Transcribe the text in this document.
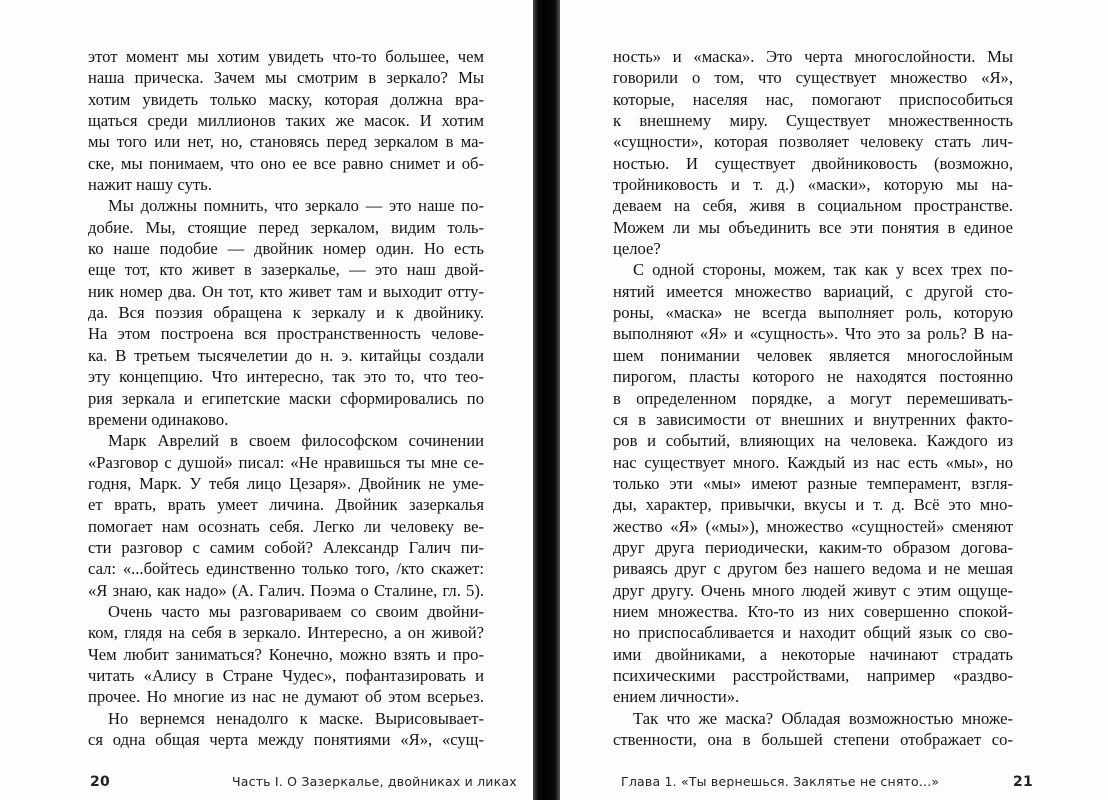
этот момент мы хотим увидеть что-то большее, чем
наша прическа. Зачем мы смотрим в зеркало? Мы
хотим увидеть только маску, которая должна вра-
щаться среди миллионов таких же масок. И хотим
мы того или нет, но, становясь перед зеркалом в ма-
ске, мы понимаем, что оно ее все равно снимет и об-
нажит нашу суть.
Мы должны помнить, что зеркало — это наше по-
добие. Мы, стоящие перед зеркалом, видим толь-
ко наше подобие — двойник номер один. Но есть
еще тот, кто живет в зазеркалье, — это наш двой-
ник номер два. Он тот, кто живет там и выходит отту-
да. Вся поэзия обращена к зеркалу и к двойнику.
На этом построена вся пространственность челове-
ка. В третьем тысячелетии до н. э. китайцы создали
эту концепцию. Что интересно, так это то, что тео-
рия зеркала и египетские маски сформировались по
времени одинаково.
Марк Аврелий в своем философском сочинении
«Разговор с душой» писал: «Не нравишься ты мне се-
годня, Марк. У тебя лицо Цезаря». Двойник не уме-
ет врать, врать умеет личина. Двойник зазеркалья
помогает нам осознать себя. Легко ли человеку ве-
сти разговор с самим собой? Александр Галич пи-
сал: «...бойтесь единственно только того, /кто скажет:
«Я знаю, как надо» (А. Галич. Поэма о Сталине, гл. 5).
Очень часто мы разговариваем со своим двойни-
ком, глядя на себя в зеркало. Интересно, а он живой?
Чем любит заниматься? Конечно, можно взять и про-
читать «Алису в Стране Чудес», пофантазировать и
прочее. Но многие из нас не думают об этом всерьез.
Но вернемся ненадолго к маске. Вырисовывает-
ся одна общая черта между понятиями «Я», «сущ-
20	Часть I. О Зазеркалье, двойниках и ликах
ность» и «маска». Это черта многослойности. Мы
говорили о том, что существует множество «Я»,
которые, населяя нас, помогают приспособиться
к внешнему миру. Существует множественность
«сущности», которая позволяет человеку стать лич-
ностью. И существует двойниковость (возможно,
тройниковость и т. д.) «маски», которую мы на-
деваем на себя, живя в социальном пространстве.
Можем ли мы объединить все эти понятия в единое
целое?
С одной стороны, можем, так как у всех трех по-
нятий имеется множество вариаций, с другой сто-
роны, «маска» не всегда выполняет роль, которую
выполняют «Я» и «сущность». Что это за роль? В на-
шем понимании человек является многослойным
пирогом, пласты которого не находятся постоянно
в определенном порядке, а могут перемешивать-
ся в зависимости от внешних и внутренних факто-
ров и событий, влияющих на человека. Каждого из
нас существует много. Каждый из нас есть «мы», но
только эти «мы» имеют разные темперамент, взгля-
ды, характер, привычки, вкусы и т. д. Всё это мно-
жество «Я» («мы»), множество «сущностей» сменяют
друг друга периодически, каким-то образом догова-
риваясь друг с другом без нашего ведома и не мешая
друг другу. Очень много людей живут с этим ощуще-
нием множества. Кто-то из них совершенно спокой-
но приспосабливается и находит общий язык со сво-
ими двойниками, а некоторые начинают страдать
психическими расстройствами, например «раздво-
ением личности».
Так что же маска? Обладая возможностью множе-
ственности, она в большей степени отображает со-
Глава 1. «Ты вернешься. Заклятье не снято...»	21
